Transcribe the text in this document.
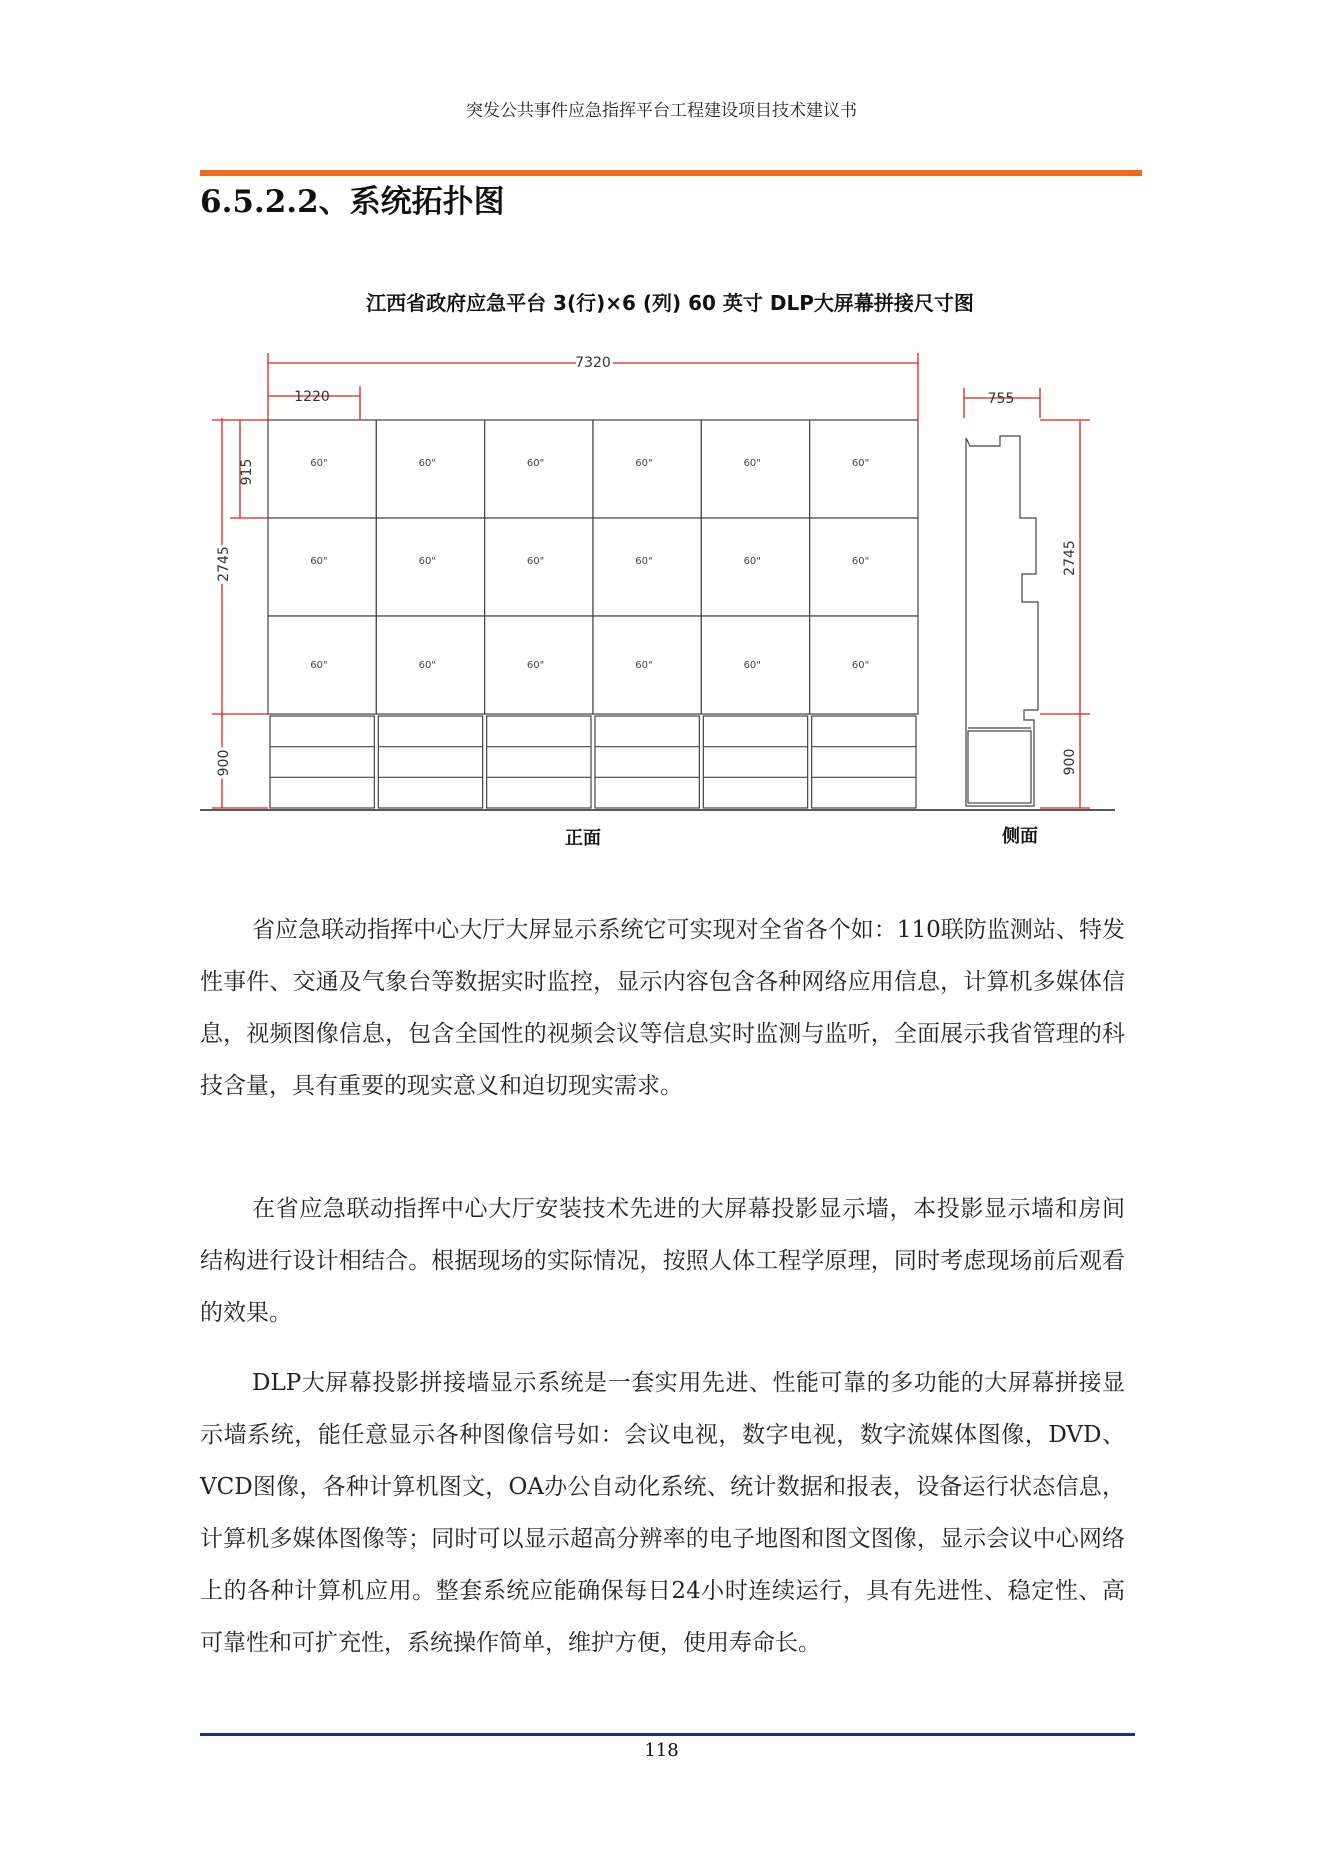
突发公共事件应急指挥平台工程建设项目技术建议书
6.5.2.2、系统拓扑图
江西省政府应急平台 3(行)×6 (列) 60 英寸 DLP大屏幕拼接尺寸图
60"	60"	60"	60"	60"	60"
60"	60"	60"	60"	60"	60"
60"	60"	60"	60"	60"	60"
7320
1220	755
915
2745
900
2745
900
正面	侧面

省应急联动指挥中心大厅大屏显示系统它可实现对全省各个如：110联防监测站、特发性事件、交通及气象台等数据实时监控，显示内容包含各种网络应用信息，计算机多媒体信息，视频图像信息，包含全国性的视频会议等信息实时监测与监听，全面展示我省管理的科技含量，具有重要的现实意义和迫切现实需求。

在省应急联动指挥中心大厅安装技术先进的大屏幕投影显示墙，本投影显示墙和房间结构进行设计相结合。根据现场的实际情况，按照人体工程学原理，同时考虑现场前后观看的效果。

DLP大屏幕投影拼接墙显示系统是一套实用先进、性能可靠的多功能的大屏幕拼接显示墙系统，能任意显示各种图像信号如：会议电视，数字电视，数字流媒体图像，DVD、VCD图像，各种计算机图文，OA办公自动化系统、统计数据和报表，设备运行状态信息，计算机多媒体图像等；同时可以显示超高分辨率的电子地图和图文图像，显示会议中心网络上的各种计算机应用。整套系统应能确保每日24小时连续运行，具有先进性、稳定性、高可靠性和可扩充性，系统操作简单，维护方便，使用寿命长。

118
